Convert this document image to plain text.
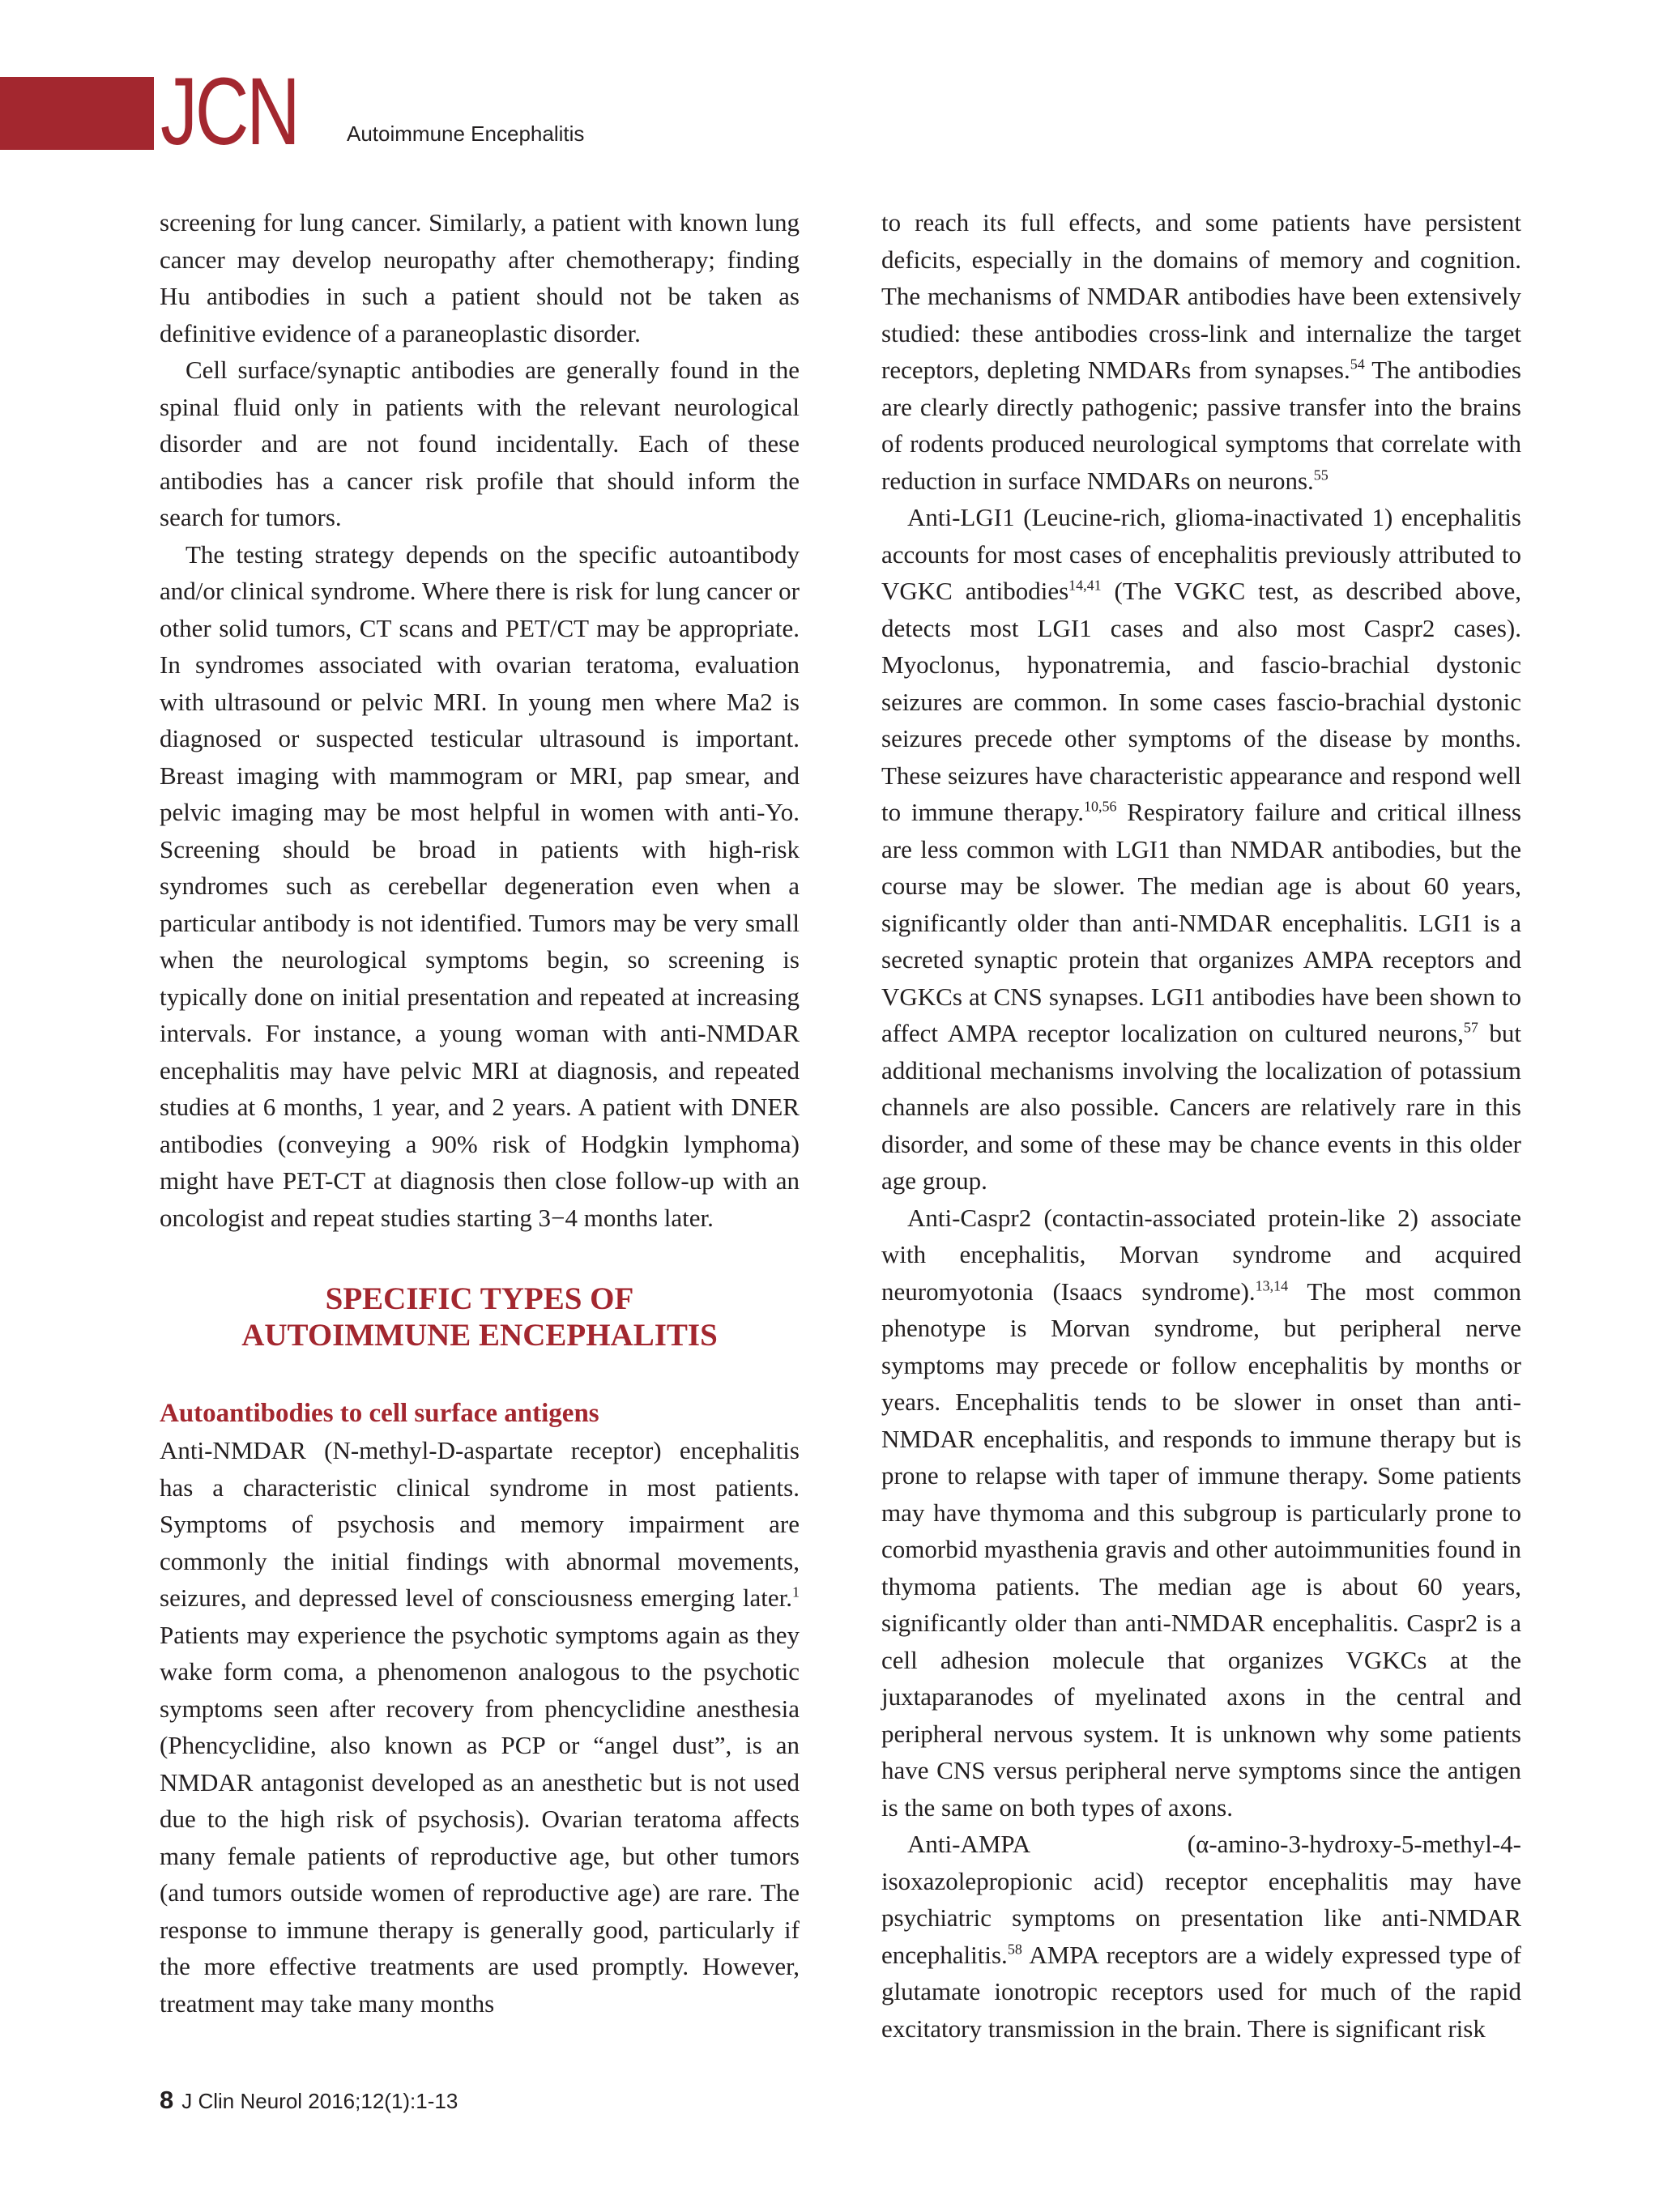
JCN Autoimmune Encephalitis

screening for lung cancer. Similarly, a patient with known lung cancer may develop neuropathy after chemotherapy; finding Hu antibodies in such a patient should not be taken as definitive evidence of a paraneoplastic disorder.

Cell surface/synaptic antibodies are generally found in the spinal fluid only in patients with the relevant neurological disorder and are not found incidentally. Each of these antibodies has a cancer risk profile that should inform the search for tumors.

The testing strategy depends on the specific autoantibody and/or clinical syndrome. Where there is risk for lung cancer or other solid tumors, CT scans and PET/CT may be appropriate. In syndromes associated with ovarian teratoma, evaluation with ultrasound or pelvic MRI. In young men where Ma2 is diagnosed or suspected testicular ultrasound is important. Breast imaging with mammogram or MRI, pap smear, and pelvic imaging may be most helpful in women with anti-Yo. Screening should be broad in patients with high-risk syndromes such as cerebellar degeneration even when a particular antibody is not identified. Tumors may be very small when the neurological symptoms begin, so screening is typically done on initial presentation and repeated at increasing intervals. For instance, a young woman with anti-NMDAR encephalitis may have pelvic MRI at diagnosis, and repeated studies at 6 months, 1 year, and 2 years. A patient with DNER antibodies (conveying a 90% risk of Hodgkin lymphoma) might have PET-CT at diagnosis then close follow-up with an oncologist and repeat studies starting 3−4 months later.

SPECIFIC TYPES OF
AUTOIMMUNE ENCEPHALITIS
Autoantibodies to cell surface antigens

Anti-NMDAR (N-methyl-D-aspartate receptor) encephalitis has a characteristic clinical syndrome in most patients. Symptoms of psychosis and memory impairment are commonly the initial findings with abnormal movements, seizures, and depressed level of consciousness emerging later.$^1$ Patients may experience the psychotic symptoms again as they wake form coma, a phenomenon analogous to the psychotic symptoms seen after recovery from phencyclidine anesthesia (Phencyclidine, also known as PCP or “angel dust”, is an NMDAR antagonist developed as an anesthetic but is not used due to the high risk of psychosis). Ovarian teratoma affects many female patients of reproductive age, but other tumors (and tumors outside women of reproductive age) are rare. The response to immune therapy is generally good, particularly if the more effective treatments are used promptly. However, treatment may take many months

to reach its full effects, and some patients have persistent deficits, especially in the domains of memory and cognition. The mechanisms of NMDAR antibodies have been extensively studied: these antibodies cross-link and internalize the target receptors, depleting NMDARs from synapses.$^{54}$ The antibodies are clearly directly pathogenic; passive transfer into the brains of rodents produced neurological symptoms that correlate with reduction in surface NMDARs on neurons.$^{55}$

Anti-LGI1 (Leucine-rich, glioma-inactivated 1) encephalitis accounts for most cases of encephalitis previously attributed to VGKC antibodies$^{14,41}$ (The VGKC test, as described above, detects most LGI1 cases and also most Caspr2 cases). Myoclonus, hyponatremia, and fascio-brachial dystonic seizures are common. In some cases fascio-brachial dystonic seizures precede other symptoms of the disease by months. These seizures have characteristic appearance and respond well to immune therapy.$^{10,56}$ Respiratory failure and critical illness are less common with LGI1 than NMDAR antibodies, but the course may be slower. The median age is about 60 years, significantly older than anti-NMDAR encephalitis. LGI1 is a secreted synaptic protein that organizes AMPA receptors and VGKCs at CNS synapses. LGI1 antibodies have been shown to affect AMPA receptor localization on cultured neurons,$^{57}$ but additional mechanisms involving the localization of potassium channels are also possible. Cancers are relatively rare in this disorder, and some of these may be chance events in this older age group.

Anti-Caspr2 (contactin-associated protein-like 2) associate with encephalitis, Morvan syndrome and acquired neuromyotonia (Isaacs syndrome).$^{13,14}$ The most common phenotype is Morvan syndrome, but peripheral nerve symptoms may precede or follow encephalitis by months or years. Encephalitis tends to be slower in onset than anti-NMDAR encephalitis, and responds to immune therapy but is prone to relapse with taper of immune therapy. Some patients may have thymoma and this subgroup is particularly prone to comorbid myasthenia gravis and other autoimmunities found in thymoma patients. The median age is about 60 years, significantly older than anti-NMDAR encephalitis. Caspr2 is a cell adhesion molecule that organizes VGKCs at the juxtaparanodes of myelinated axons in the central and peripheral nervous system. It is unknown why some patients have CNS versus peripheral nerve symptoms since the antigen is the same on both types of axons.

Anti-AMPA (α-amino-3-hydroxy-5-methyl-4-isoxazolepropionic acid) receptor encephalitis may have psychiatric symptoms on presentation like anti-NMDAR encephalitis.$^{58}$ AMPA receptors are a widely expressed type of glutamate ionotropic receptors used for much of the rapid excitatory transmission in the brain. There is significant risk

8 J Clin Neurol 2016;12(1):1-13
